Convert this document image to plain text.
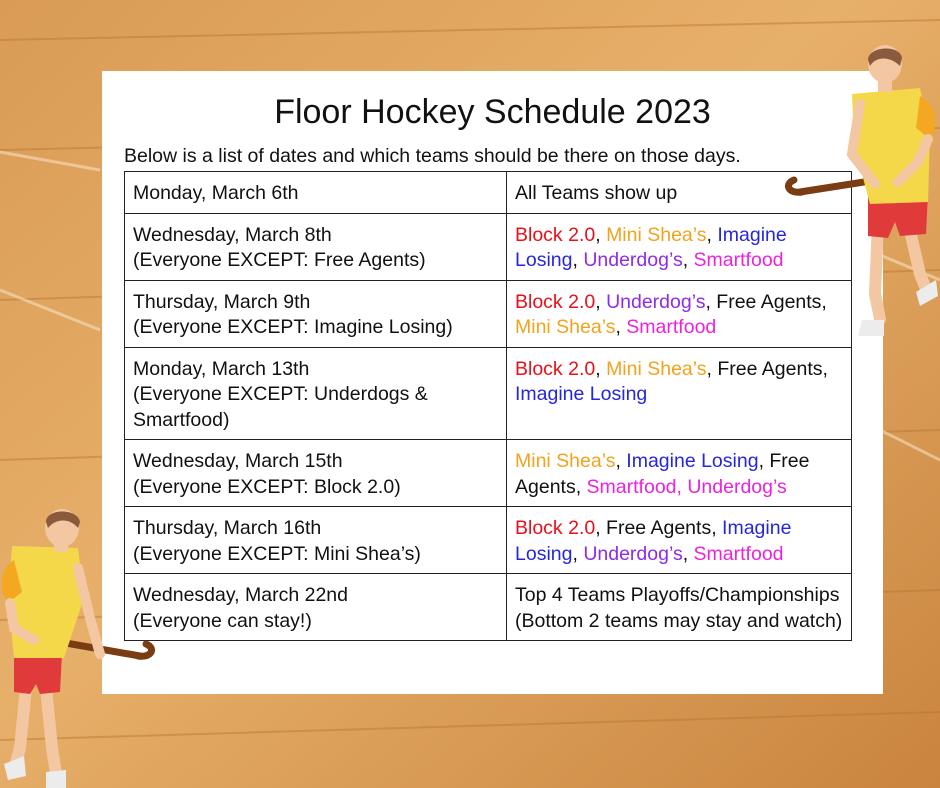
Floor Hockey Schedule 2023
Below is a list of dates and which teams should be there on those days.
Monday, March 6th	All Teams show up

Wednesday, March 8th
(Everyone EXCEPT: Free Agents)	Block 2.0, Mini Shea’s, Imagine Losing, Underdog’s, Smartfood

Thursday, March 9th
(Everyone EXCEPT: Imagine Losing)	Block 2.0, Underdog’s, Free Agents, Mini Shea’s, Smartfood

Monday, March 13th
(Everyone EXCEPT: Underdogs & Smartfood)	Block 2.0, Mini Shea’s, Free Agents, Imagine Losing

Wednesday, March 15th
(Everyone EXCEPT: Block 2.0)	Mini Shea’s, Imagine Losing, Free Agents, Smartfood, Underdog’s

Thursday, March 16th
(Everyone EXCEPT: Mini Shea’s)	Block 2.0, Free Agents, Imagine Losing, Underdog’s, Smartfood

Wednesday, March 22nd
(Everyone can stay!)	Top 4 Teams Playoffs/Championships (Bottom 2 teams may stay and watch)
